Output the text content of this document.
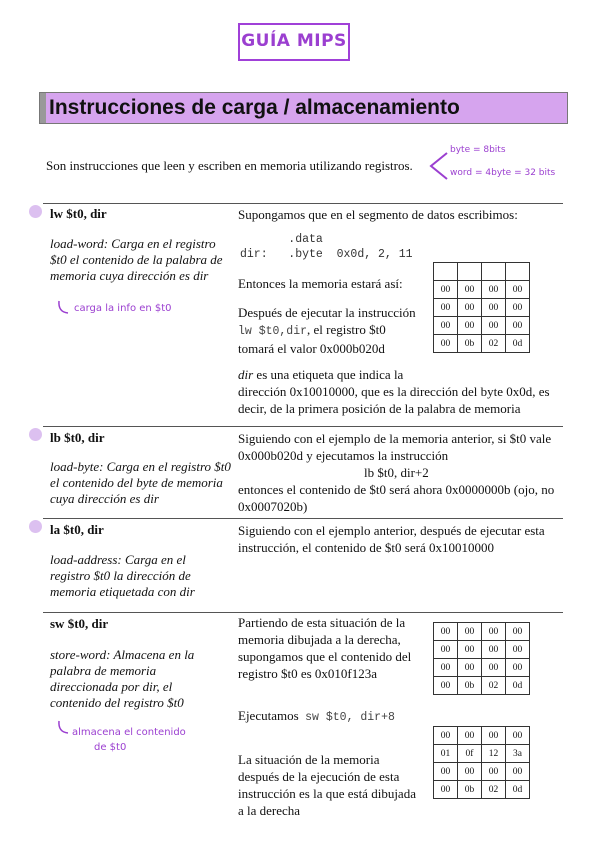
GUÍA MIPS
Instrucciones de carga / almacenamiento
Son instrucciones que leen y escriben en memoria utilizando registros.
byte = 8bits
word = 4byte = 32 bits
lw $t0, dir
load-word: Carga en el registro $t0 el contenido de la palabra de memoria cuya dirección es dir
carga la info en $t0
Supongamos que en el segmento de datos escribimos:
.data
dir:   .byte  0x0d, 2, 11
Entonces la memoria estará así:
Después de ejecutar la instrucción
lw $t0,dir, el registro $t0
tomará el valor 0x000b020d
dir es una etiqueta que indica la
dirección 0x10010000, que es la dirección del byte 0x0d, es decir, de la primera posición de la palabra de memoria

00	00	00	00
00	00	00	00
00	00	00	00
00	0b	02	0d
lb $t0, dir
load-byte: Carga en el registro $t0 el contenido del byte de memoria cuya dirección es dir
Siguiendo con el ejemplo de la memoria anterior, si $t0 vale 0x000b020d y ejecutamos la instrucción
lb $t0, dir+2
entonces el contenido de $t0 será ahora 0x0000000b (ojo, no 0x0007020b)
la $t0, dir
load-address: Carga en el registro $t0 la dirección de memoria etiquetada con dir
Siguiendo con el ejemplo anterior, después de ejecutar esta instrucción, el contenido de $t0 será 0x10010000
sw $t0, dir
store-word: Almacena en la palabra de memoria direccionada por dir, el contenido del registro $t0
almacena el contenido
de $t0
Partiendo de esta situación de la memoria dibujada a la derecha, supongamos que el contenido del registro $t0 es 0x010f123a
Ejecutamos sw $t0, dir+8
La situación de la memoria después de la ejecución de esta instrucción es la que está dibujada a la derecha
00	00	00	00
00	00	00	00
00	00	00	00
00	0b	02	0d
00	00	00	00
01	0f	12	3a
00	00	00	00
00	0b	02	0d
